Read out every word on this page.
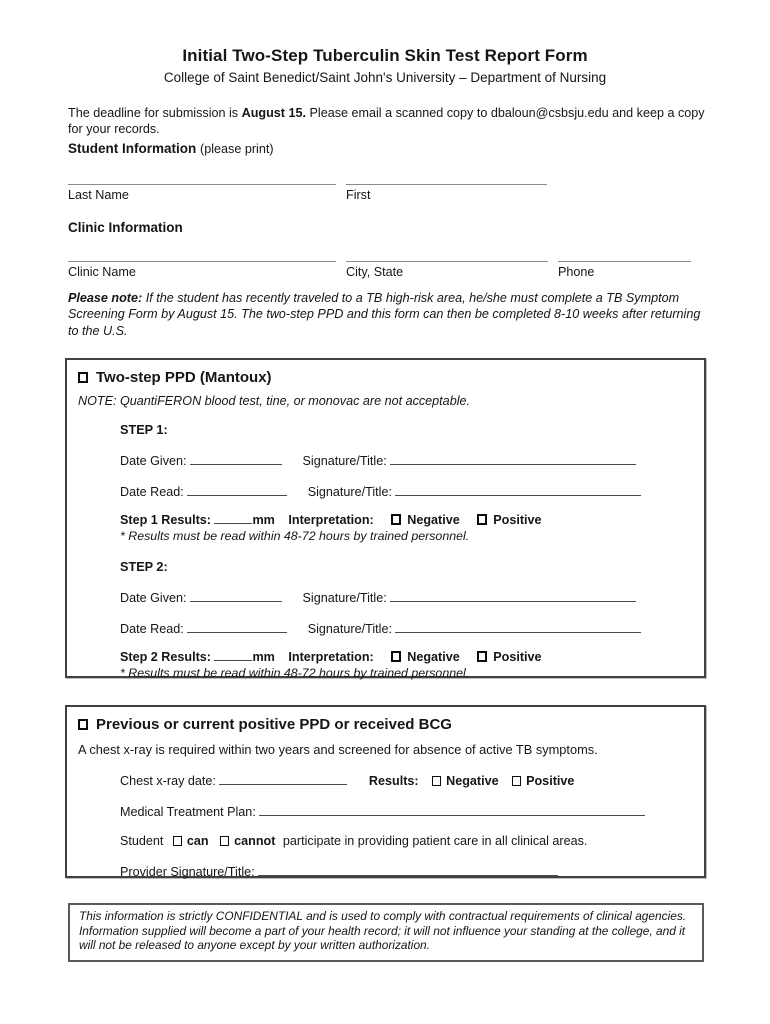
Initial Two-Step Tuberculin Skin Test Report Form
College of Saint Benedict/Saint John's University – Department of Nursing
The deadline for submission is August 15. Please email a scanned copy to dbaloun@csbsju.edu and keep a copy for your records.
Student Information (please print)
Last Name	First
Clinic Information
Clinic Name	City, State	Phone
Please note: If the student has recently traveled to a TB high-risk area, he/she must complete a TB Symptom Screening Form by August 15. The two-step PPD and this form can then be completed 8-10 weeks after returning to the U.S.
Two-step PPD (Mantoux)
NOTE: QuantiFERON blood test, tine, or monovac are not acceptable.
STEP 1:
Date Given:	Signature/Title:
Date Read:	Signature/Title:
Step 1 Results:	mm Interpretation:	Negative	Positive
* Results must be read within 48-72 hours by trained personnel.
STEP 2:
Date Given:	Signature/Title:
Date Read:	Signature/Title:
Step 2 Results:	mm Interpretation:	Negative	Positive
* Results must be read within 48-72 hours by trained personnel.
Previous or current positive PPD or received BCG
A chest x-ray is required within two years and screened for absence of active TB symptoms.
Chest x-ray date:	Results: Negative Positive
Medical Treatment Plan:
Student can cannot participate in providing patient care in all clinical areas.
Provider Signature/Title:
This information is strictly CONFIDENTIAL and is used to comply with contractual requirements of clinical agencies. Information supplied will become a part of your health record; it will not influence your standing at the college, and it will not be released to anyone except by your written authorization.
